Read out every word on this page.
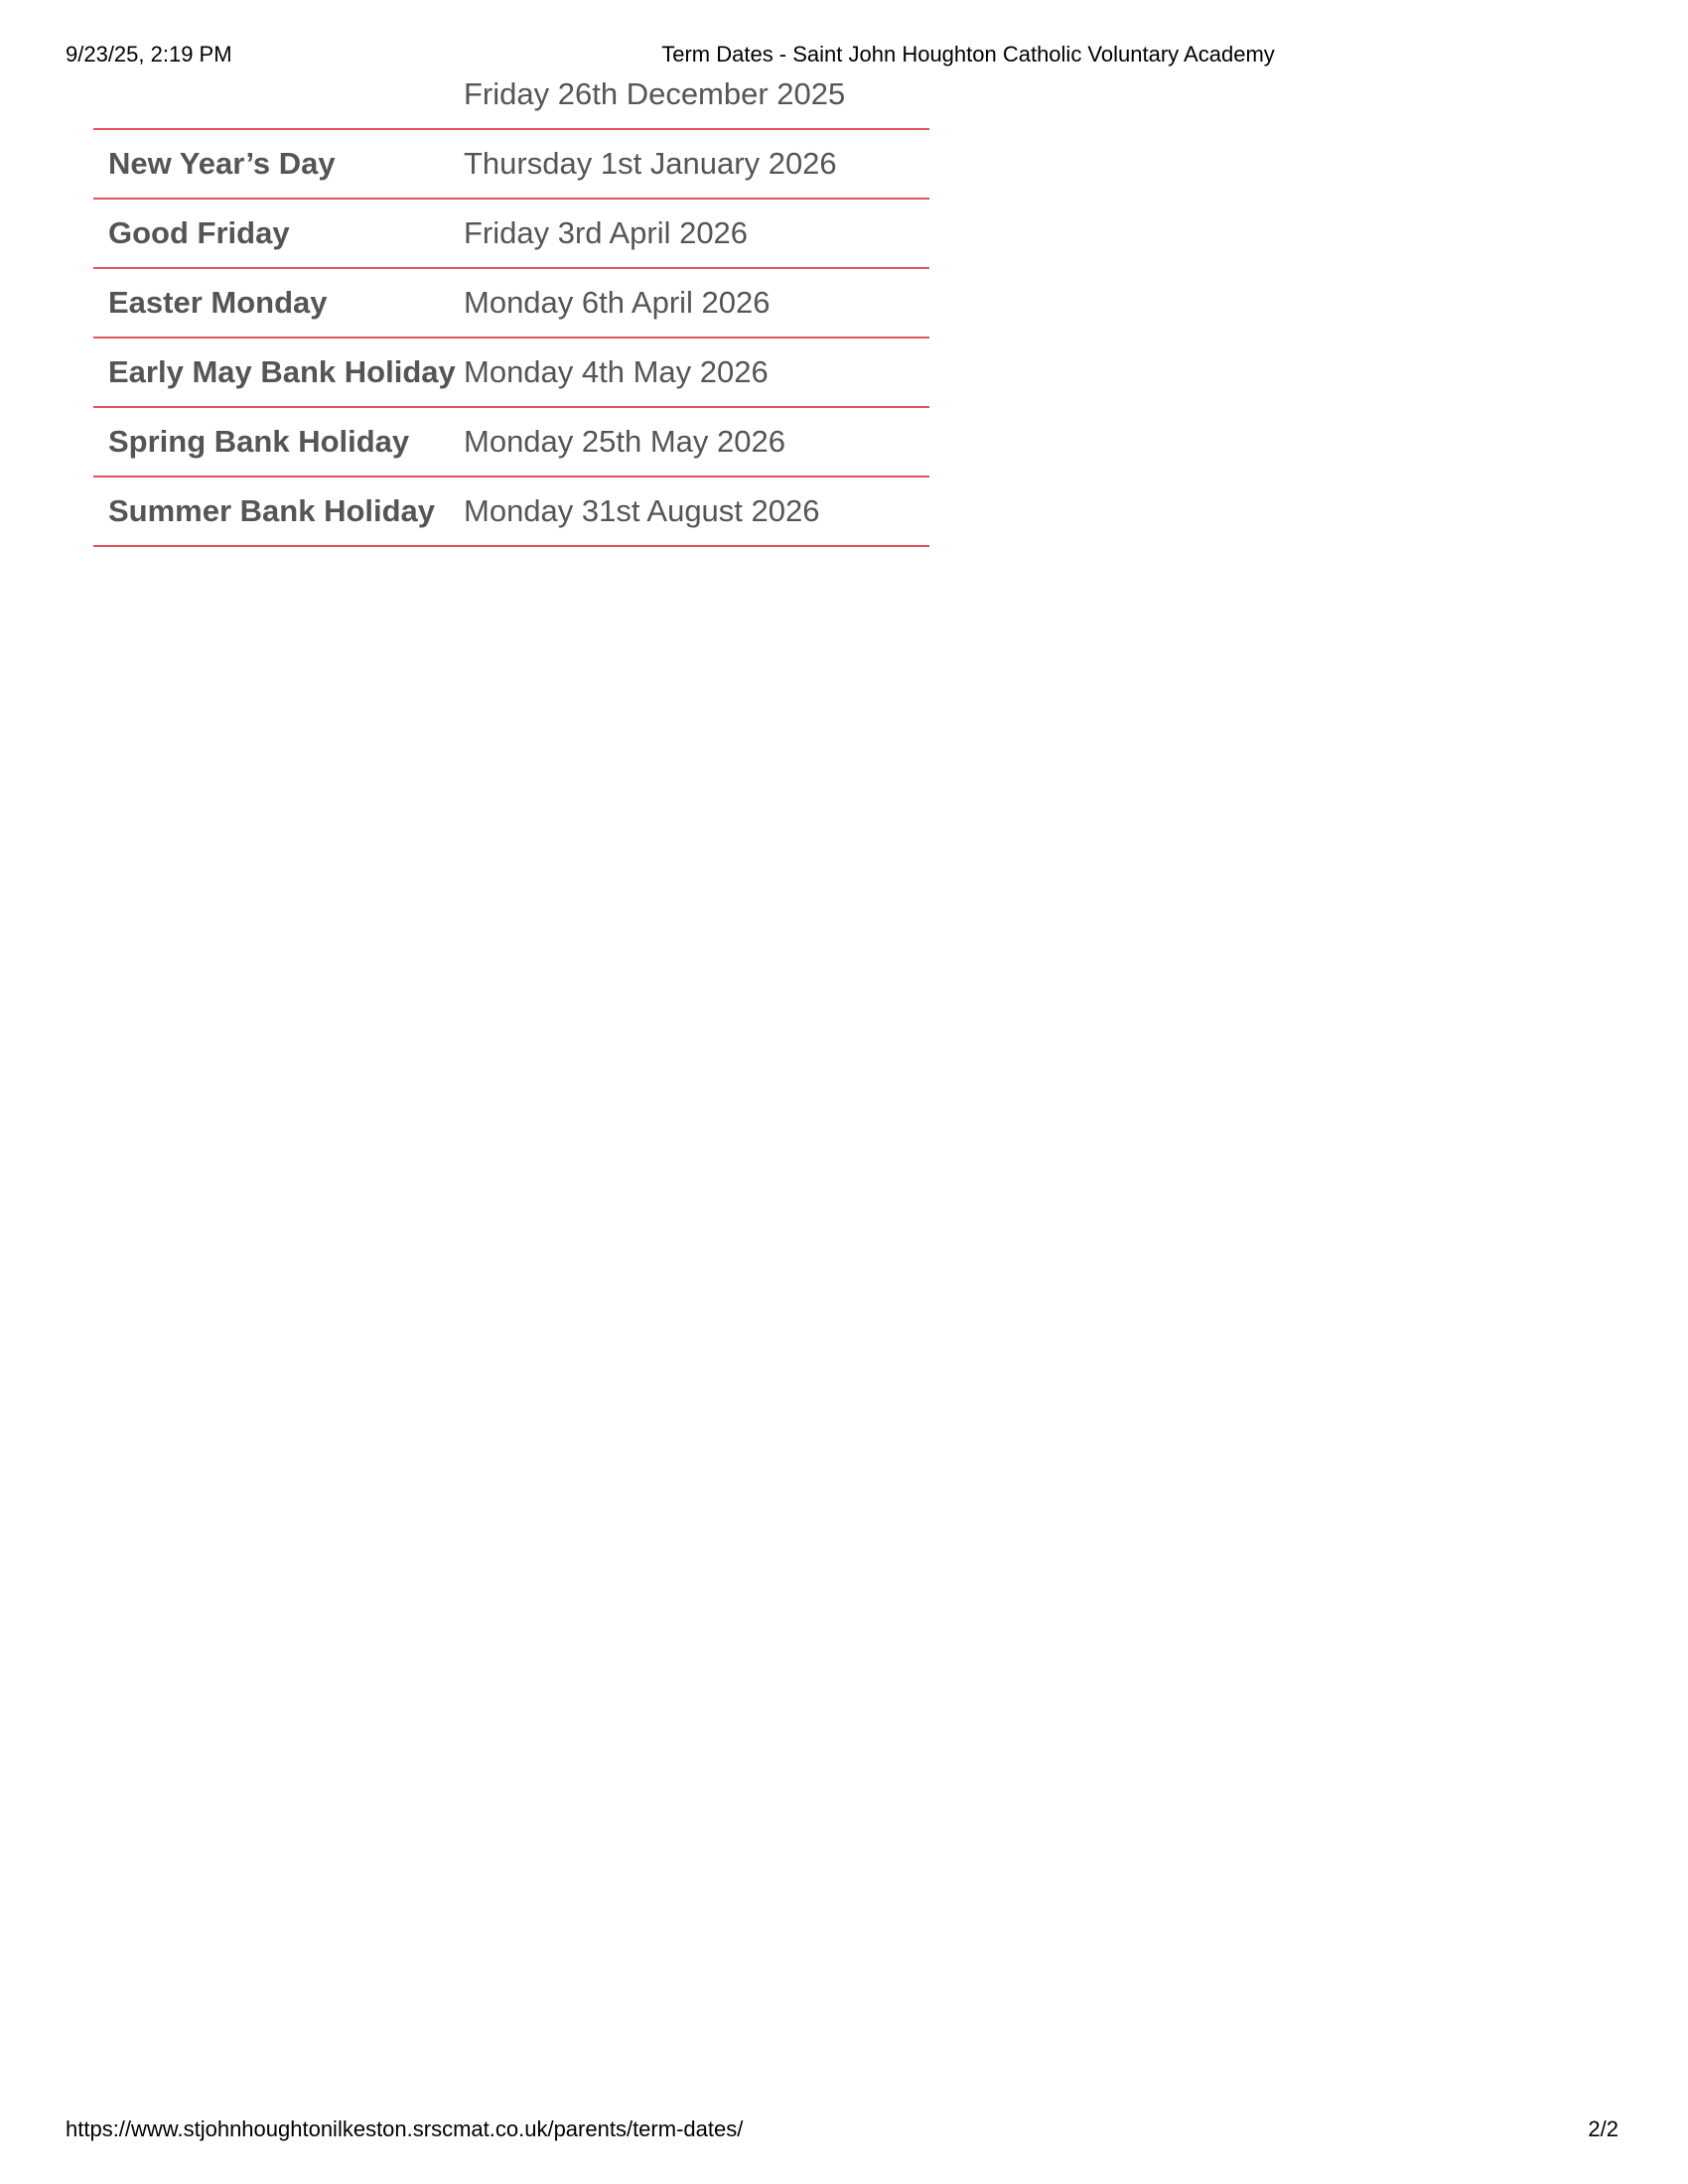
9/23/25, 2:19 PM	Term Dates - Saint John Houghton Catholic Voluntary Academy
	Friday 26th December 2025
New Year’s Day	Thursday 1st January 2026
Good Friday	Friday 3rd April 2026
Easter Monday	Monday 6th April 2026
Early May Bank Holiday	Monday 4th May 2026
Spring Bank Holiday	Monday 25th May 2026
Summer Bank Holiday	Monday 31st August 2026
https://www.stjohnhoughtonilkeston.srscmat.co.uk/parents/term-dates/	2/2
